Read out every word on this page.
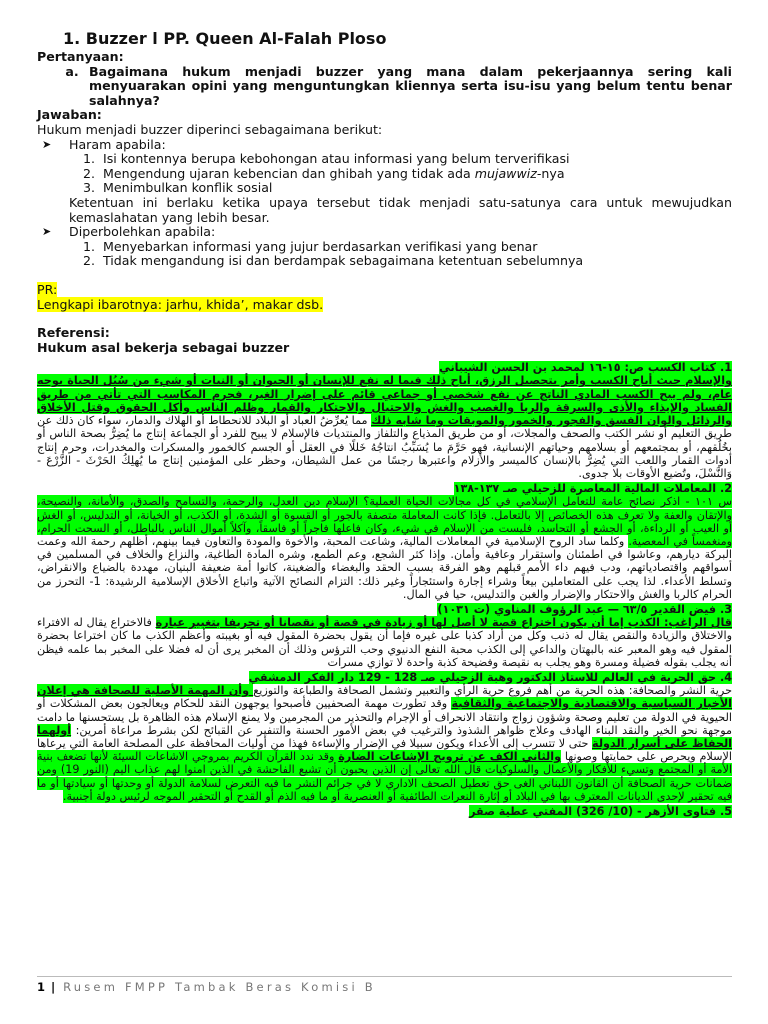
1. Buzzer l PP. Queen Al-Falah Ploso

Pertanyaan:

a. Bagaimana hukum menjadi buzzer yang mana dalam pekerjaannya sering kali menyuarakan opini yang menguntungkan kliennya serta isu-isu yang belum tentu benar salahnya?

Jawaban:

Hukum menjadi buzzer diperinci sebagaimana berikut:

➤ Haram apabila:
1. Isi kontennya berupa kebohongan atau informasi yang belum terverifikasi
2. Mengendung ujaran kebencian dan ghibah yang tidak ada mujawwiz-nya
3. Menimbulkan konflik sosial
Ketentuan ini berlaku ketika upaya tersebut tidak menjadi satu-satunya cara untuk mewujudkan kemaslahatan yang lebih besar.
➤ Diperbolehkan apabila:
1. Menyebarkan informasi yang jujur berdasarkan verifikasi yang benar
2. Tidak mengandung isi dan berdampak sebagaimana ketentuan sebelumnya

PR:

Lengkapi ibarotnya: jarhu, khida’, makar dsb.

Referensi:

Hukum asal bekerja sebagai buzzer

1. كتاب الكسب ص: ١٥-١٦ لمحمد بن الحسن الشيباني
والإسلام حيث أباح الكسب وأمر بتحصيل الرزق، أباح ذلك فيما له نفع للإنسان أو الحيوان أو النبات أو شيء من سُبُل الحياة بوجه عام، ولم يبح الكسب المادي الناتج عن نفع شخصي أو جماعي قائم على إضرار الغير، فحرم المكاسب التي تأتي من طريق الفساد والإيذاء والأذى والسرقة والربا والغصب والغش والاحتيال والاحتكار والقمار وظلم الناس وأكل الحقوق وقتل الأخلاق والرذائل والوان الفسق والفجور والخمور والموبقات وما شابه ذلك مما يُعرِّضُ العباد أو البلاد للانحطاط أو الهلاك والدمار، سواء كان ذلك عن طريق التعليم أو نشر الكتب والصحف والمجلات، أو من طريق المذياع والتلفاز والمنتديات فالإسلام لا يبيح للفرد أو الجماعة إنتاج ما يُضِرُّ بصحة الناس أو بخُلُقهم، أو بمجتمعهم أو بسلامهم وحياتهم الإنسانية، فهو حَرَّمَ ما يُسَبِّبُ انتاجُهُ خَللًا في العقل أو الجسم كالخمور والمسكرات والمخدرات، وحرم إنتاج أدوات القمار واللعب التي يُضِرُّ بالإنسان كالميسر والأزلام واعتبرها رجسًا من عمل الشيطان، وحظر على المؤمنين إنتاج ما يُهلِكُ الحَرْثَ - الزَّرْعَ - وَالنَّسْلَ، وتُضيع الأوقات بلا جدوى.
2. المعاملات المالية المعاصرة للزحيلي صـ ١٣٧-١٣٨
س ١٠١ - اذكر نصائح عامة للتعامل الإسلامي في كل مجالات الحياة العملية؟ الإسلام دين العدل، والرحمة، والتسامح والصدق، والأمانة، والنصيحة، والإتقان والعفة ولا تعرف هذه الخصائص إلا بالتعامل. فإذا كانت المعاملة متصفة بالجور أو القسوة أو الشدة، أو الكذب، أو الخيانة، أو التدليس، أو الغش أو العيب أو الرداءة، أو الجشع أو التحاسد، فليست من الإسلام في شيء، وكان فاعلها فاجراً أو فاسقاً، وآكلاً أموال الناس بالباطل، أو السحت الحرام، ومنغمساً في المعصية. وكلما ساد الروح الإسلامية في المعاملات المالية، وشاعت المحبة، والأخوة والمودة والتعاون فيما بينهم، أظلهم رحمة الله وعمت البركة ديارهم، وعاشوا في اطمئنان واستقرار وعافية وأمان. وإذا كثر الشجع، وعم الطمع، وشره المادة الطاغية، والنزاع والخلاف في المسلمين في أسواقهم واقتصادياتهم، ودب فيهم داء الأمم قبلهم وهو الفرقة بسبب الحقد والبغضاء والضغينة، كانوا أمة ضعيفة البنيان، مهددة بالضياع والانقراض، وتسلط الأعداء. لذا يجب على المتعاملين بيعاً وشراء إجارة واستئجاراً وغير ذلك: التزام النصائح الآتية واتباع الأخلاق الإسلامية الرشيدة: 1- التحرز من الحرام كالربا والغش والاحتكار والإضرار والغبن والتدليس، حيا في المال.
3. فيض القدير ٦٣/٥ — عبد الرؤوف المناوي (ت ١٠٣١)
قال الراغب: الكذب إما أن يكون اختراع قصة لا أصل لها أو زيادة في قصة أو نقصانا أو تحريفا بتغيير عبارة فالاختراع يقال له الافتراء والاختلاق والزيادة والنقص يقال له ذنب وكل من أراد كذبا على غيره فإما أن يقول بحضرة المقول فيه أو بغيبته وأعظم الكذب ما كان اختراعا بحضرة المقول فيه وهو المعبر عنه بالبهتان والداعي إلى الكذب محبة النفع الدنيوي وحب الترؤس وذلك أن المخبر يرى أن له فضلا على المخبر بما علمه فيظن أنه يجلب بقوله فضيلة ومسرة وهو يجلب به نقيصة وفضيحة كذبة واحدة لا توازي مسرات
4. حق الحرية في العالم للاستاذ الدكتور وهبة الزحيلي صـ 128 - 129 دار الفكر الدمشقي
حرية النشر والصحافة: هذه الحرية من أهم فروع حرية الرأي والتعبير وتشمل الصحافة والطباعة والتوزيع وأن المهمة الأصلية للصحافة هي إعلان الأخبار السياسية والاقتصادية والاجتماعية والثقافية وقد تطورت مهمة الصحفيين فأصبحوا يوجهون النقد للحكام ويعالجون بعض المشكلات أو الحيوية في الدولة من تعليم وصحة وشؤون زواج وانتقاد الانحراف أو الإجرام والتحذير من المجرمين ولا يمنع الإسلام هذه الظاهرة بل يستحسنها ما دامت موجهة نحو الخير والنقد البناء الهادف وعلاج ظواهر الشذوذ والترغيب في بعض الأمور الحسنة والتنفير عن القبائح لكن بشرط مراعاة أمرين: أولهما الحفاظ على أسرار الدولة حتى لا تتسرب إلى الأعداء ويكون سبيلا في الإضرار والإساءة فهذا من أوليات المحافظة على المصلحة العامة التي يرعاها الإسلام ويحرص على حمايتها وصونها والثاني الكف عن ترويج الإشاعات الضارة وقد ندد القرآن الكريم بمروجي الاشاعات السيئة لأنها تضعف بنية الأمة أو المجتمع وتسيء للأفكار والأعمال والسلوكيات قال الله تعالى إن الذين يحبون أن تشيع الفاحشة في الذين امنوا لهم عذاب اليم (النور 19) ومن ضمانات حرية الصحافة أن القانون اللبناني الغى حق تعطيل الصحف الاداري لا في جرائم النشر ما فيه التعرض لسلامة الدولة أو وحدتها أو سيادتها أو ما فيه تحقير لإحدى الديانات المعترف بها في البلاد أو إثارة النعرات الطائفية أو العنصرية أو ما فيه الذم أو القدح أو التحقير الموجه لرئيس دولة أجنبية.
5. فتاوى الأزهر - (10/ 326) المفتي عطية صقر
1 | Rusem FMPP Tambak Beras Komisi B
